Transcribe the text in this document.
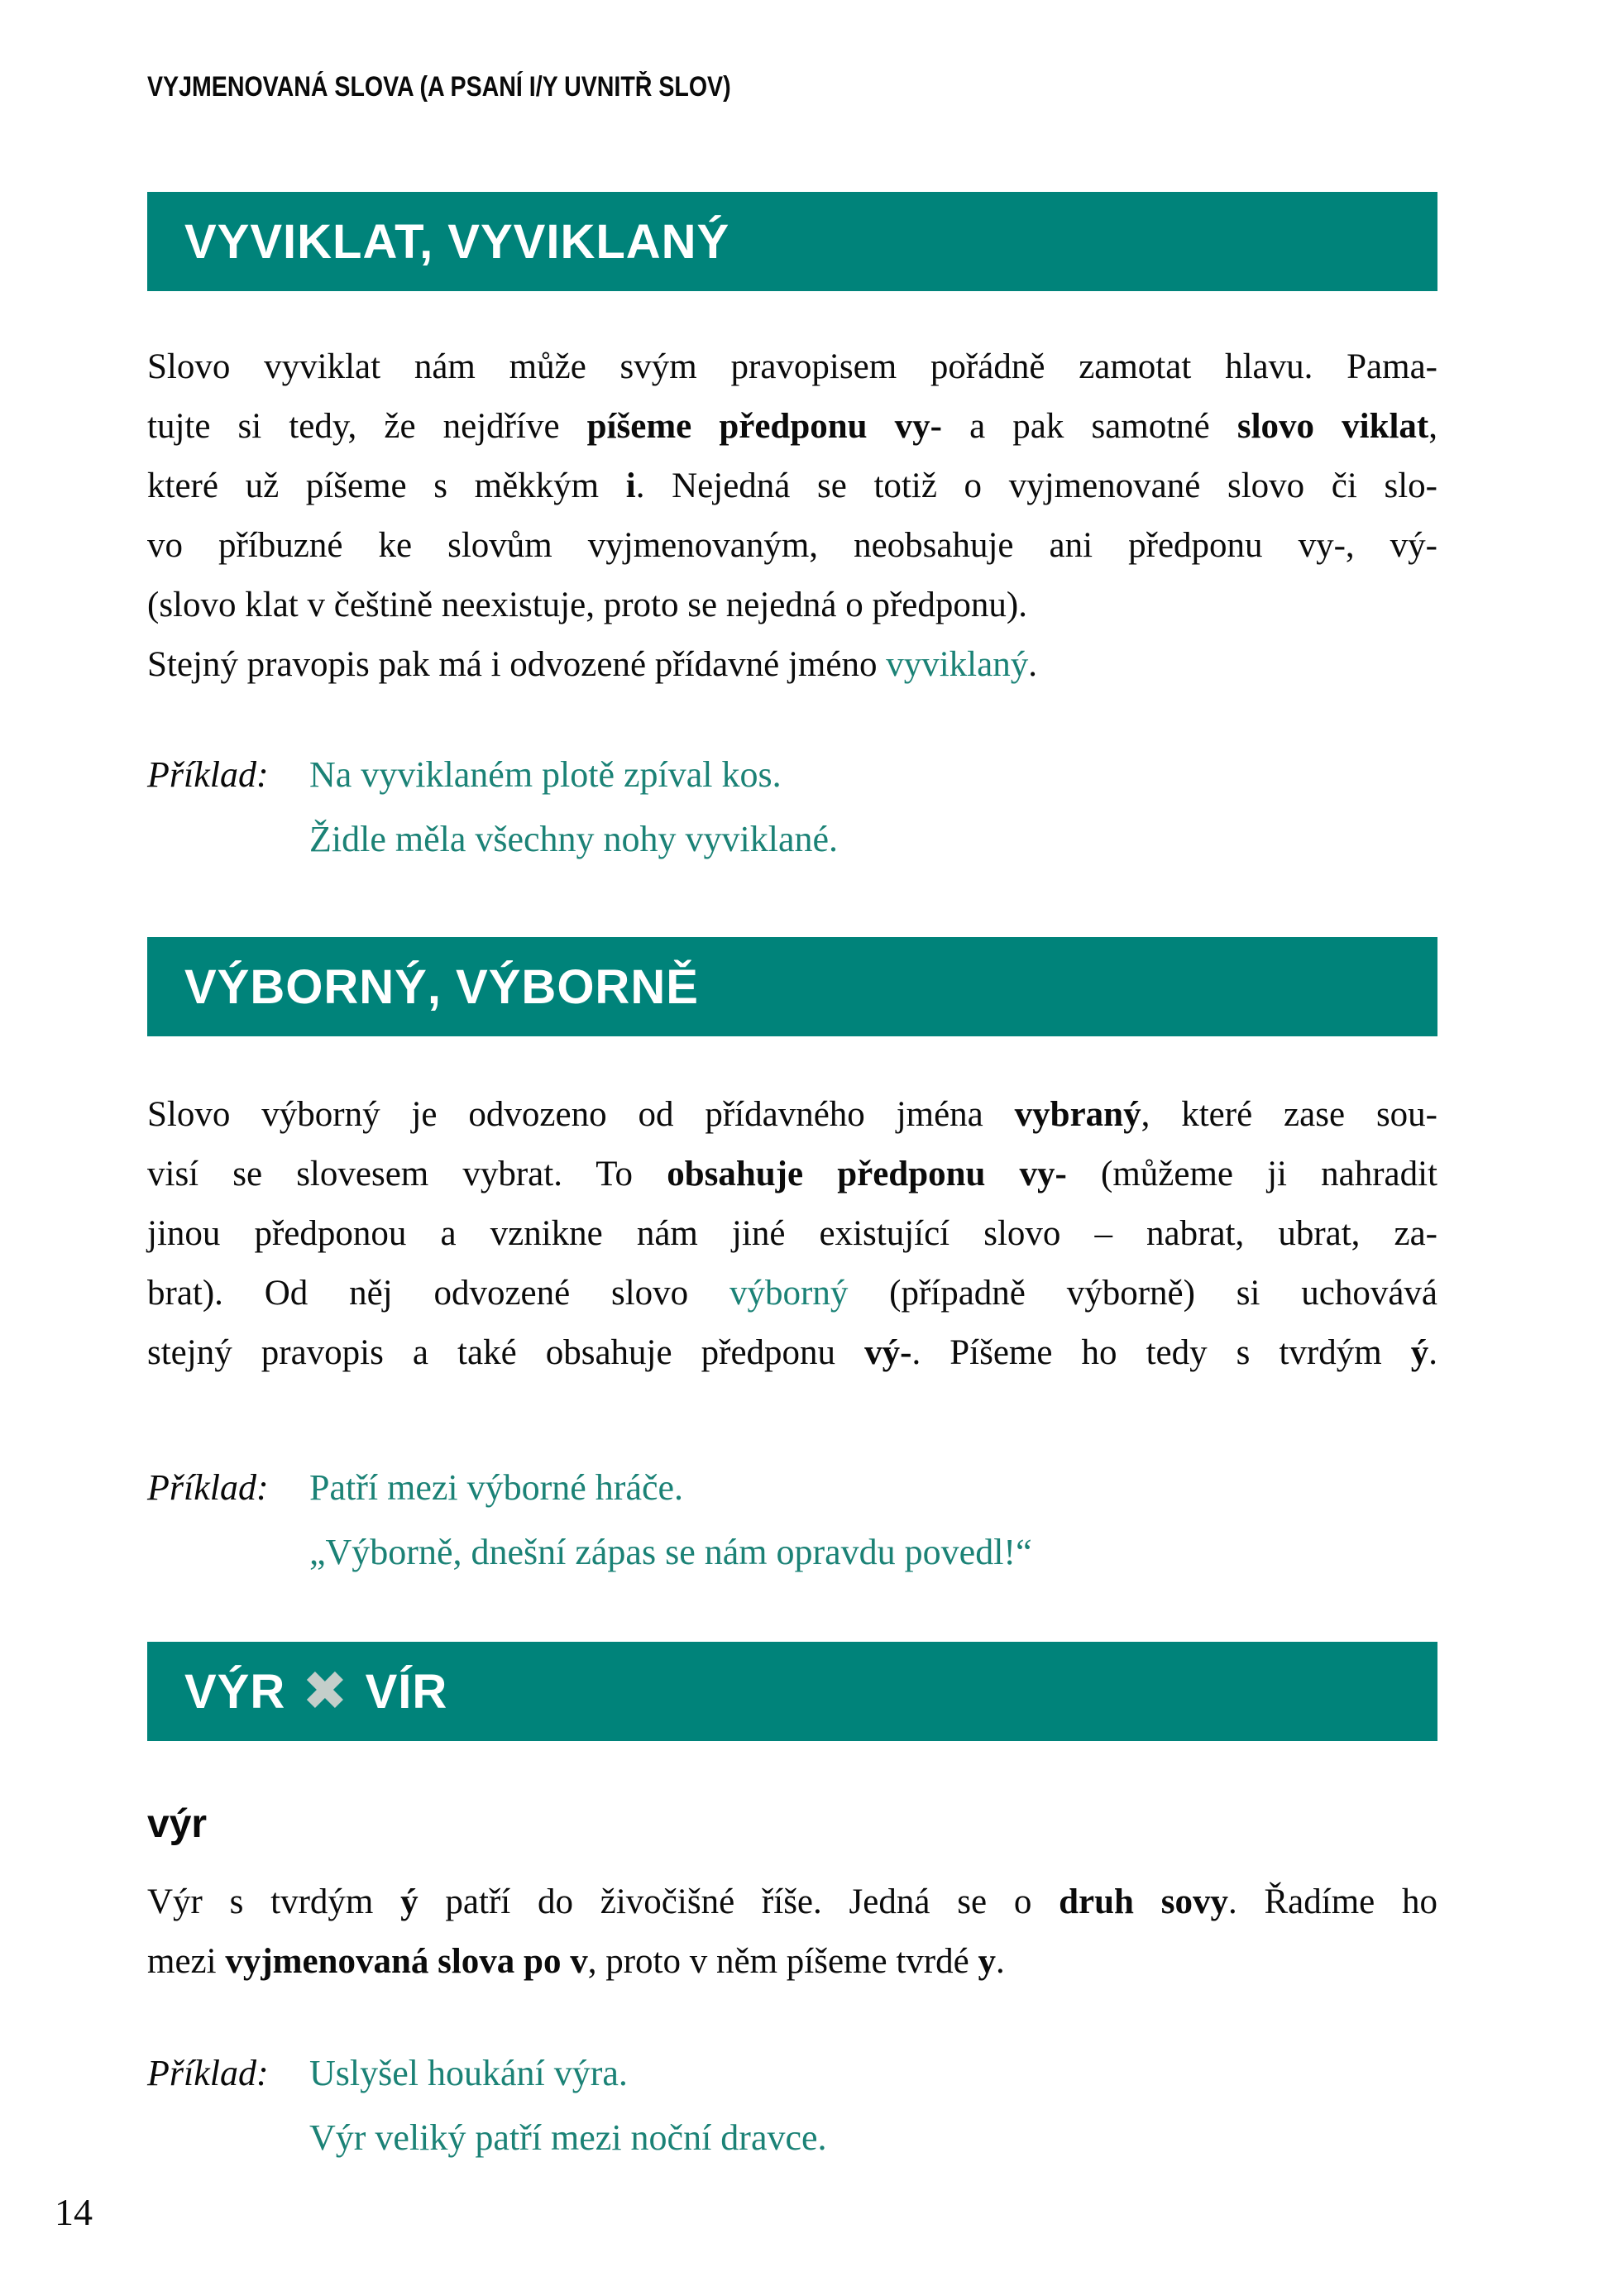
VYJMENOVANÁ SLOVA (A PSANÍ I/Y UVNITŘ SLOV)
VYVIKLAT, VYVIKLANÝ
Slovo vyviklat nám může svým pravopisem pořádně zamotat hlavu. Pama-
tujte si tedy, že nejdříve píšeme předponu vy- a pak samotné slovo viklat,
které už píšeme s měkkým i. Nejedná se totiž o vyjmenované slovo či slo-
vo příbuzné ke slovům vyjmenovaným, neobsahuje ani předponu vy-, vý-
(slovo klat v češtině neexistuje, proto se nejedná o předponu).
Stejný pravopis pak má i odvozené přídavné jméno vyviklaný.
Příklad:	Na vyviklaném plotě zpíval kos.
Židle měla všechny nohy vyviklané.
VÝBORNÝ, VÝBORNĚ
Slovo výborný je odvozeno od přídavného jména vybraný, které zase sou-
visí se slovesem vybrat. To obsahuje předponu vy- (můžeme ji nahradit
jinou předponou a vznikne nám jiné existující slovo – nabrat, ubrat, za-
brat). Od něj odvozené slovo výborný (případně výborně) si uchovává
stejný pravopis a také obsahuje předponu vý-. Píšeme ho tedy s tvrdým ý.
Příklad:	Patří mezi výborné hráče.
„Výborně, dnešní zápas se nám opravdu povedl!“
VÝR ✖ VÍR
výr
Výr s tvrdým ý patří do živočišné říše. Jedná se o druh sovy. Řadíme ho
mezi vyjmenovaná slova po v, proto v něm píšeme tvrdé y.
Příklad:	Uslyšel houkání výra.
Výr veliký patří mezi noční dravce.
14
